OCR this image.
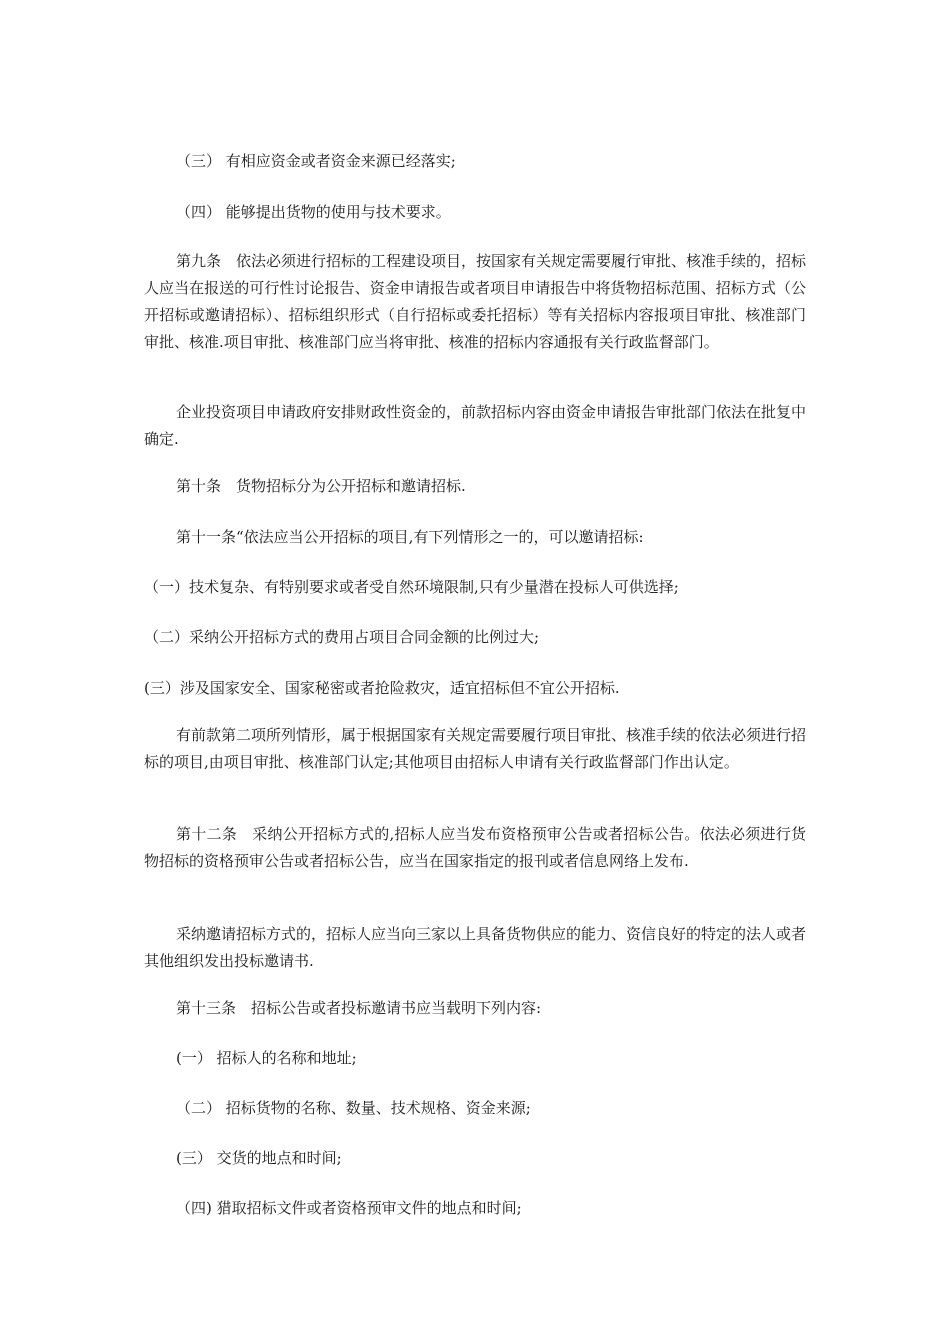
（三） 有相应资金或者资金来源已经落实;
（四） 能够提出货物的使用与技术要求。

第九条　依法必须进行招标的工程建设项目，按国家有关规定需要履行审批、核准手续的，招标人应当在报送的可行性讨论报告、资金申请报告或者项目申请报告中将货物招标范围、招标方式（公开招标或邀请招标）、招标组织形式（自行招标或委托招标）等有关招标内容报项目审批、核准部门审批、核准.项目审批、核准部门应当将审批、核准的招标内容通报有关行政监督部门。

企业投资项目申请政府安排财政性资金的，前款招标内容由资金申请报告审批部门依法在批复中确定.

第十条　货物招标分为公开招标和邀请招标.
第十一条“依法应当公开招标的项目,有下列情形之一的，可以邀请招标:
（一）技术复杂、有特别要求或者受自然环境限制,只有少量潜在投标人可供选择;
（二）采纳公开招标方式的费用占项目合同金额的比例过大;
(三）涉及国家安全、国家秘密或者抢险救灾，适宜招标但不宜公开招标.

有前款第二项所列情形，属于根据国家有关规定需要履行项目审批、核准手续的依法必须进行招标的项目,由项目审批、核准部门认定;其他项目由招标人申请有关行政监督部门作出认定。

第十二条　采纳公开招标方式的,招标人应当发布资格预审公告或者招标公告。依法必须进行货物招标的资格预审公告或者招标公告，应当在国家指定的报刊或者信息网络上发布.

采纳邀请招标方式的，招标人应当向三家以上具备货物供应的能力、资信良好的特定的法人或者其他组织发出投标邀请书.

第十三条　招标公告或者投标邀请书应当载明下列内容:
(一） 招标人的名称和地址;
（二） 招标货物的名称、数量、技术规格、资金来源;
(三） 交货的地点和时间;
（四) 猎取招标文件或者资格预审文件的地点和时间;
